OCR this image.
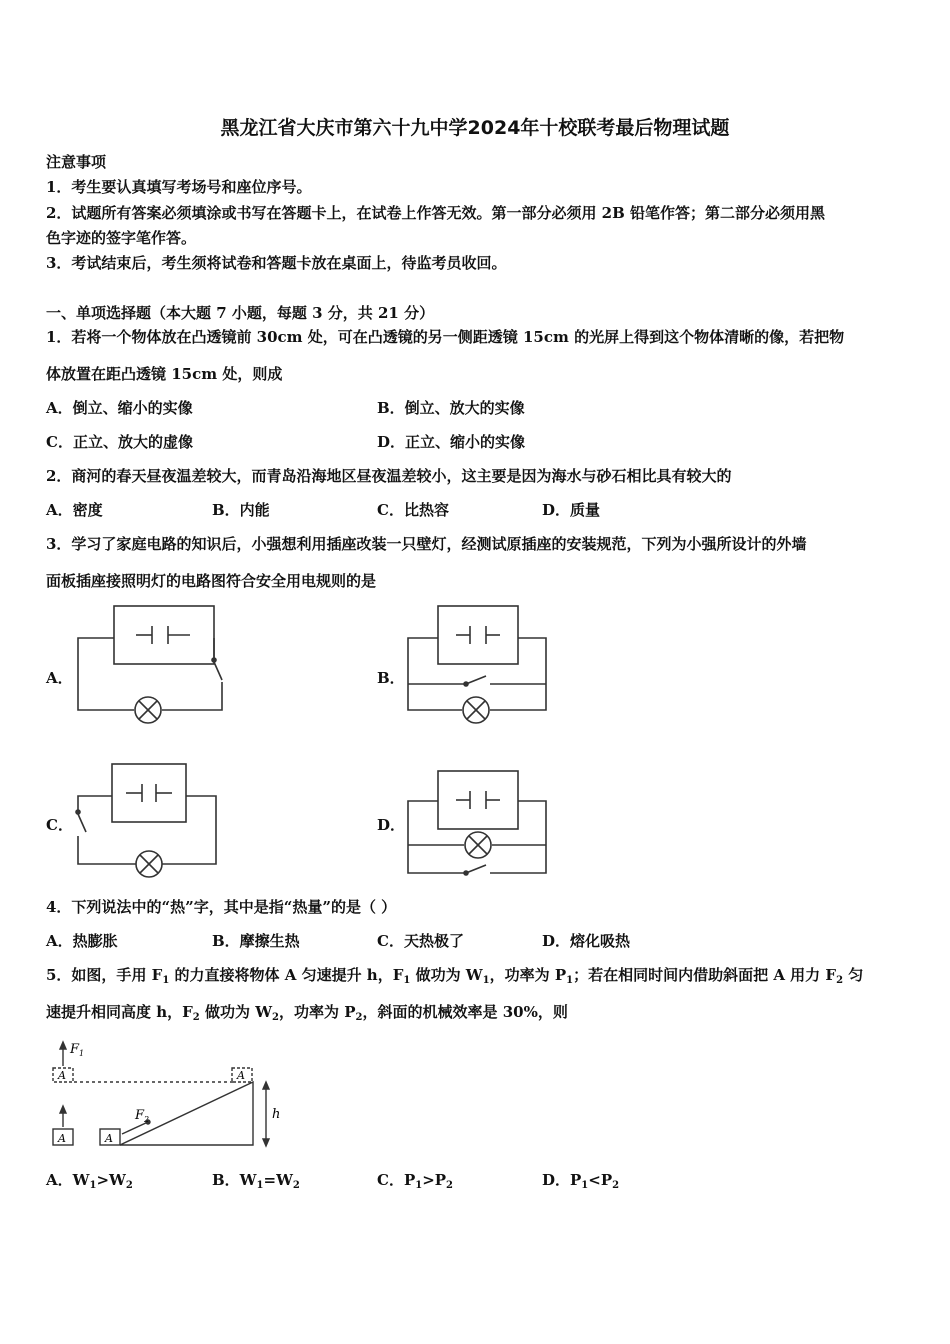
黑龙江省大庆市第六十九中学2024年十校联考最后物理试题
注意事项
1．考生要认真填写考场号和座位序号。
2．试题所有答案必须填涂或书写在答题卡上，在试卷上作答无效。第一部分必须用 2B 铅笔作答；第二部分必须用黑
色字迹的签字笔作答。
3．考试结束后，考生须将试卷和答题卡放在桌面上，待监考员收回。
一、单项选择题（本大题 7 小题，每题 3 分，共 21 分）
1．若将一个物体放在凸透镜前 30cm 处，可在凸透镜的另一侧距透镜 15cm 的光屏上得到这个物体清晰的像，若把物
体放置在距凸透镜 15cm 处，则成
A．倒立、缩小的实像	B．倒立、放大的实像
C．正立、放大的虚像	D．正立、缩小的实像
2．商河的春天昼夜温差较大，而青岛沿海地区昼夜温差较小，这主要是因为海水与砂石相比具有较大的
A．密度	B．内能	C．比热容	D．质量
3．学习了家庭电路的知识后，小强想利用插座改装一只壁灯，经测试原插座的安装规范，下列为小强所设计的外墙
面板插座接照明灯的电路图符合安全用电规则的是
A．	B．
C．	D．
4．下列说法中的“热”字，其中是指“热量”的是（ ）
A．热膨胀	B．摩擦生热	C．天热极了	D．熔化吸热
5．如图，手用 $F_1$ 的力直接将物体 A 匀速提升 h，$F_1$ 做功为 $W_1$，功率为 $P_1$；若在相同时间内借助斜面把 A 用力 $F_2$ 匀
速提升相同高度 h，$F_2$ 做功为 $W_2$，功率为 $P_2$，斜面的机械效率是 30%，则
$F_1$
A	A
A	A
$F_2$	h
A．$W_1>W_2$	B．$W_1=W_2$	C．$P_1>P_2$	D．$P_1<P_2$
